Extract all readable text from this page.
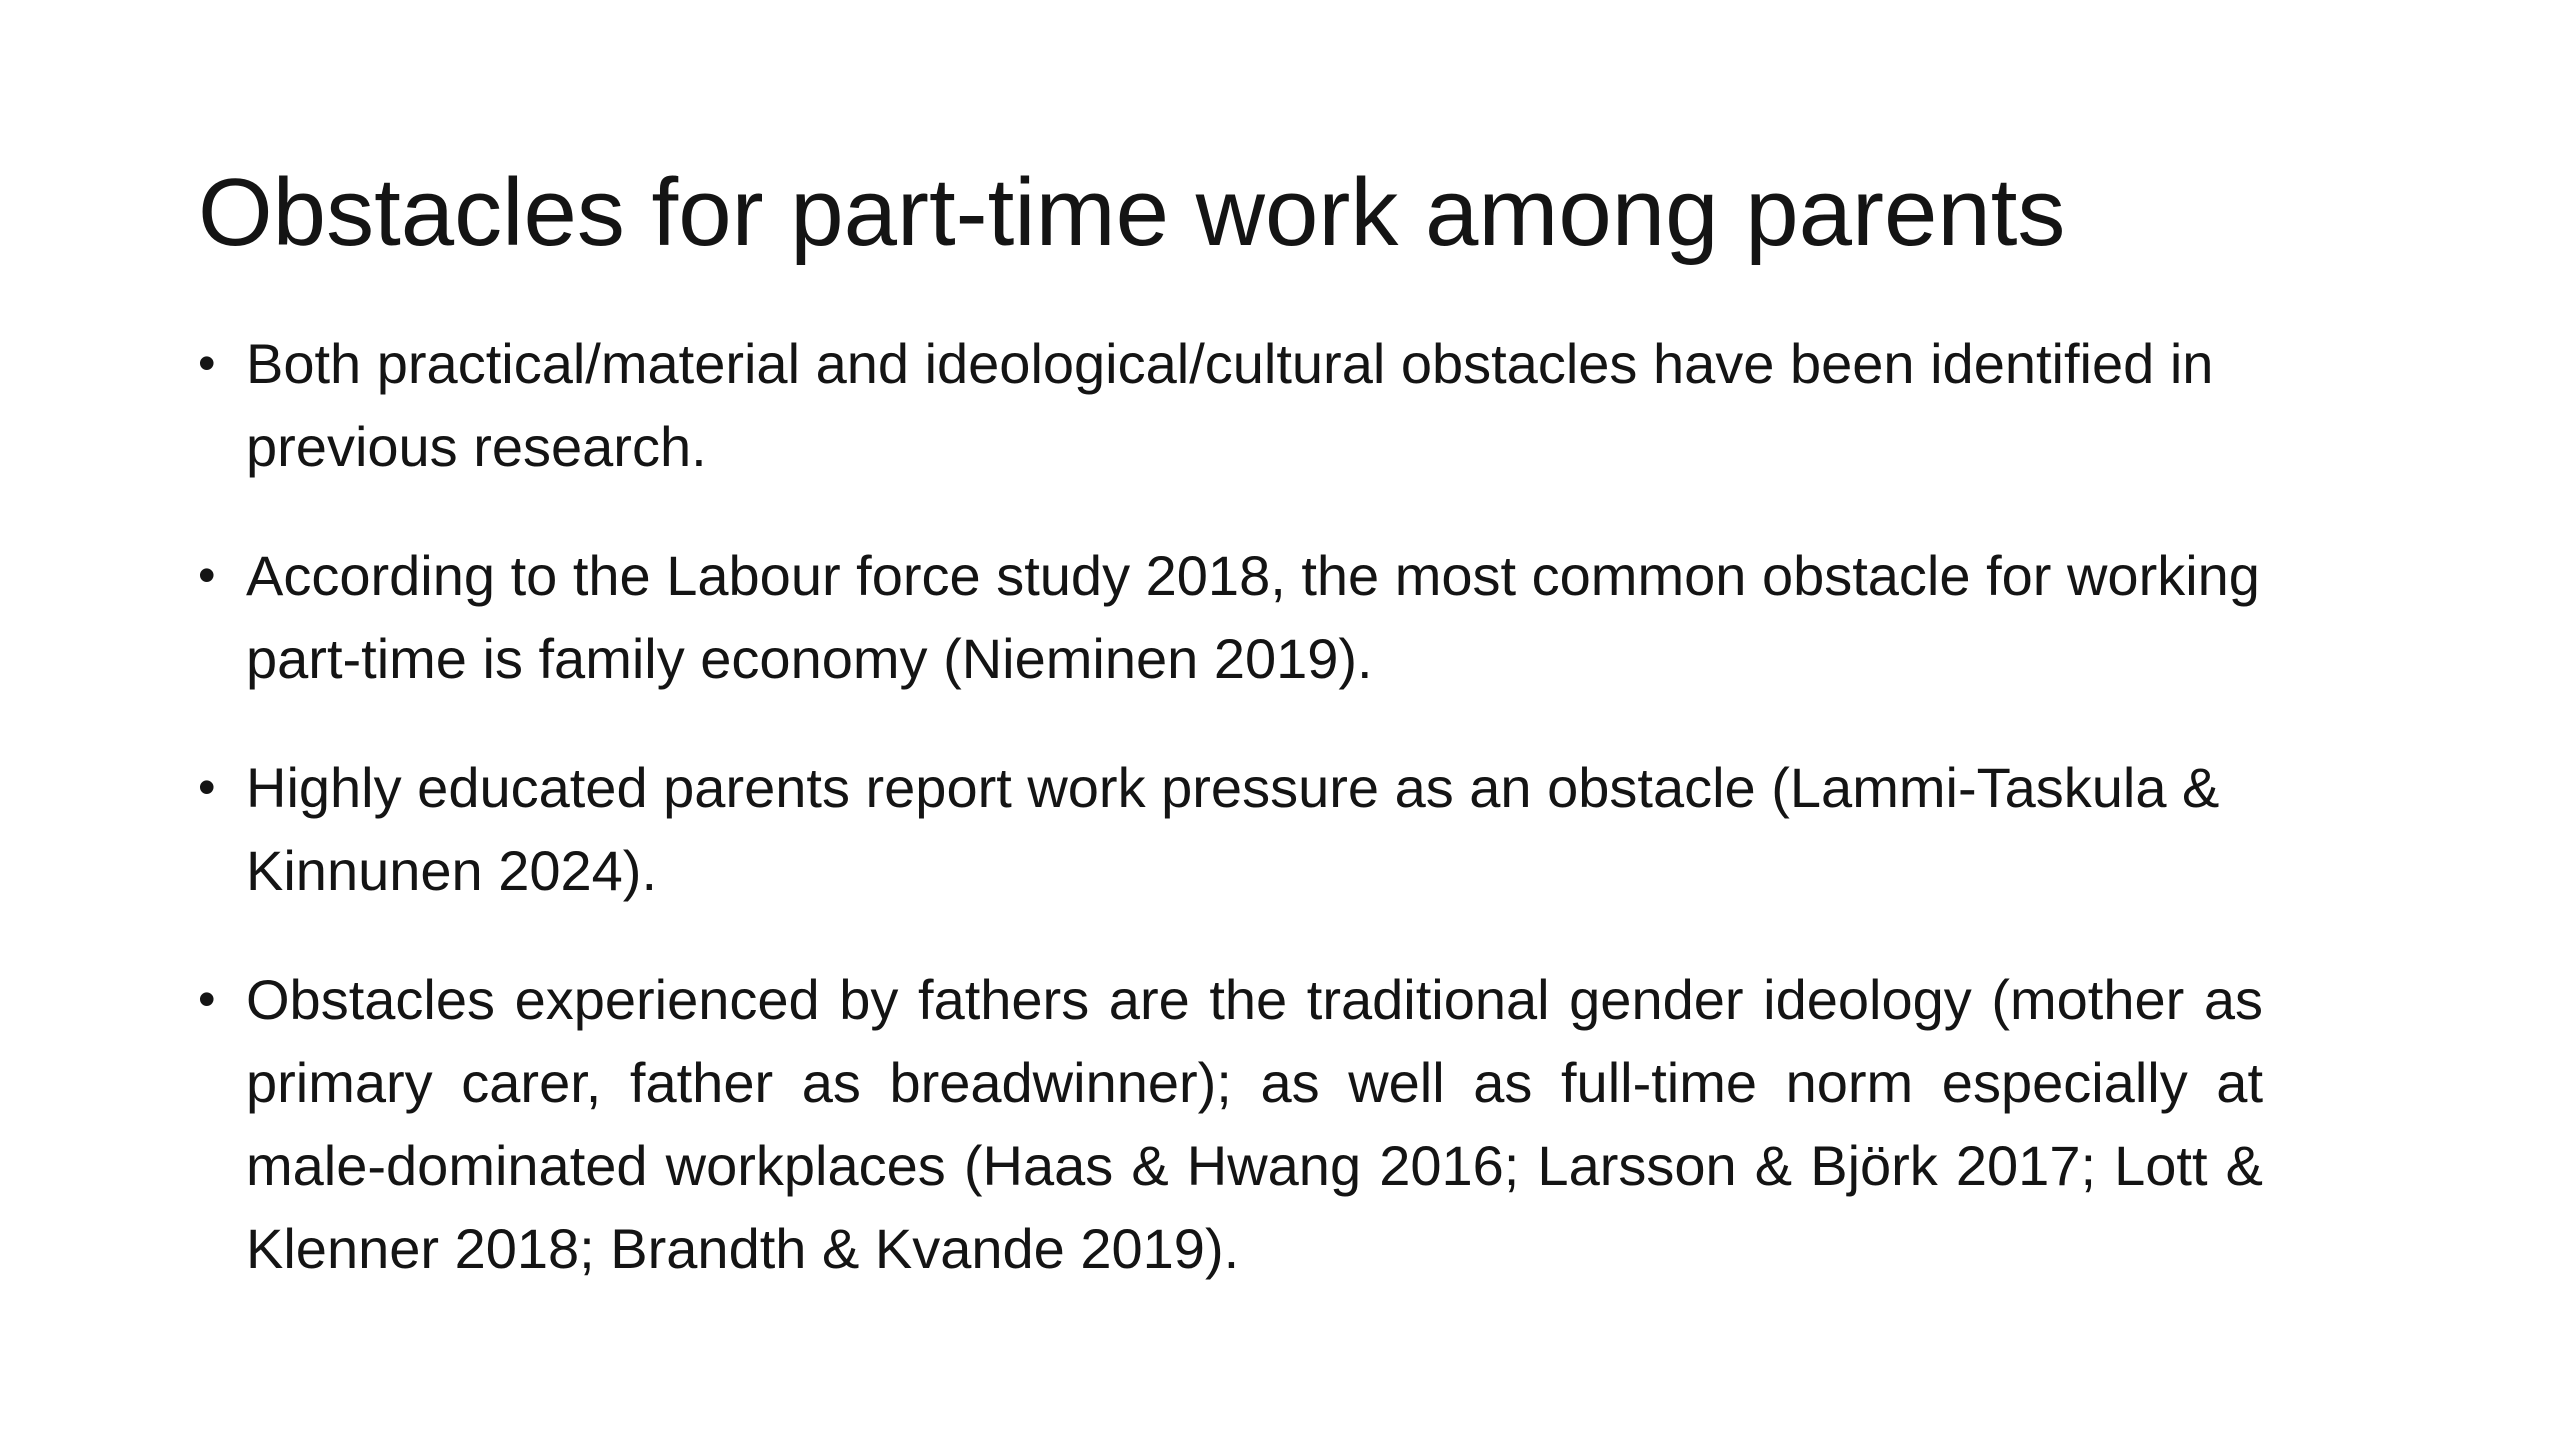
Obstacles for part-time work among parents
• Both practical/material and ideological/cultural obstacles have been identified in previous research.
• According to the Labour force study 2018, the most common obstacle for working part-time is family economy (Nieminen 2019).
• Highly educated parents report work pressure as an obstacle (Lammi-Taskula & Kinnunen 2024).
• Obstacles experienced by fathers are the traditional gender ideology (mother as primary carer, father as breadwinner); as well as full-time norm especially at male-dominated workplaces (Haas & Hwang 2016; Larsson & Björk 2017; Lott & Klenner 2018; Brandth & Kvande 2019).
